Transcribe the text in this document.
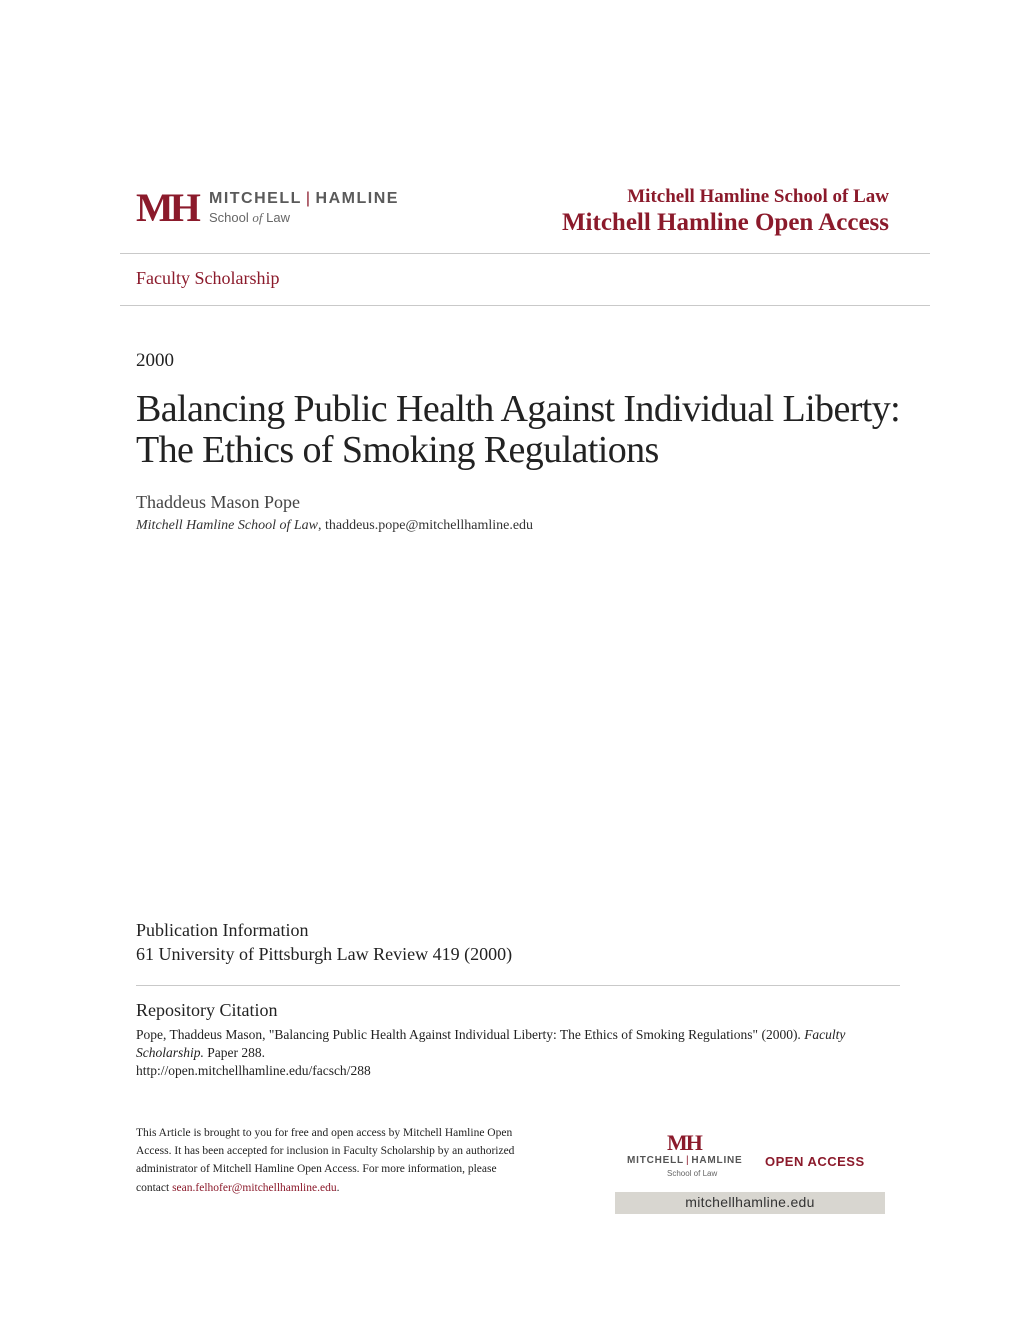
MH MITCHELL | HAMLINE
School of Law
Mitchell Hamline School of Law
Mitchell Hamline Open Access
Faculty Scholarship
2000
Balancing Public Health Against Individual Liberty:
The Ethics of Smoking Regulations
Thaddeus Mason Pope
Mitchell Hamline School of Law, thaddeus.pope@mitchellhamline.edu
Publication Information
61 University of Pittsburgh Law Review 419 (2000)
Repository Citation
Pope, Thaddeus Mason, "Balancing Public Health Against Individual Liberty: The Ethics of Smoking Regulations" (2000). Faculty Scholarship. Paper 288.
http://open.mitchellhamline.edu/facsch/288
This Article is brought to you for free and open access by Mitchell Hamline Open Access. It has been accepted for inclusion in Faculty Scholarship by an authorized administrator of Mitchell Hamline Open Access. For more information, please contact sean.felhofer@mitchellhamline.edu.
MH
MITCHELL | HAMLINE
School of Law
OPEN ACCESS
mitchellhamline.edu
